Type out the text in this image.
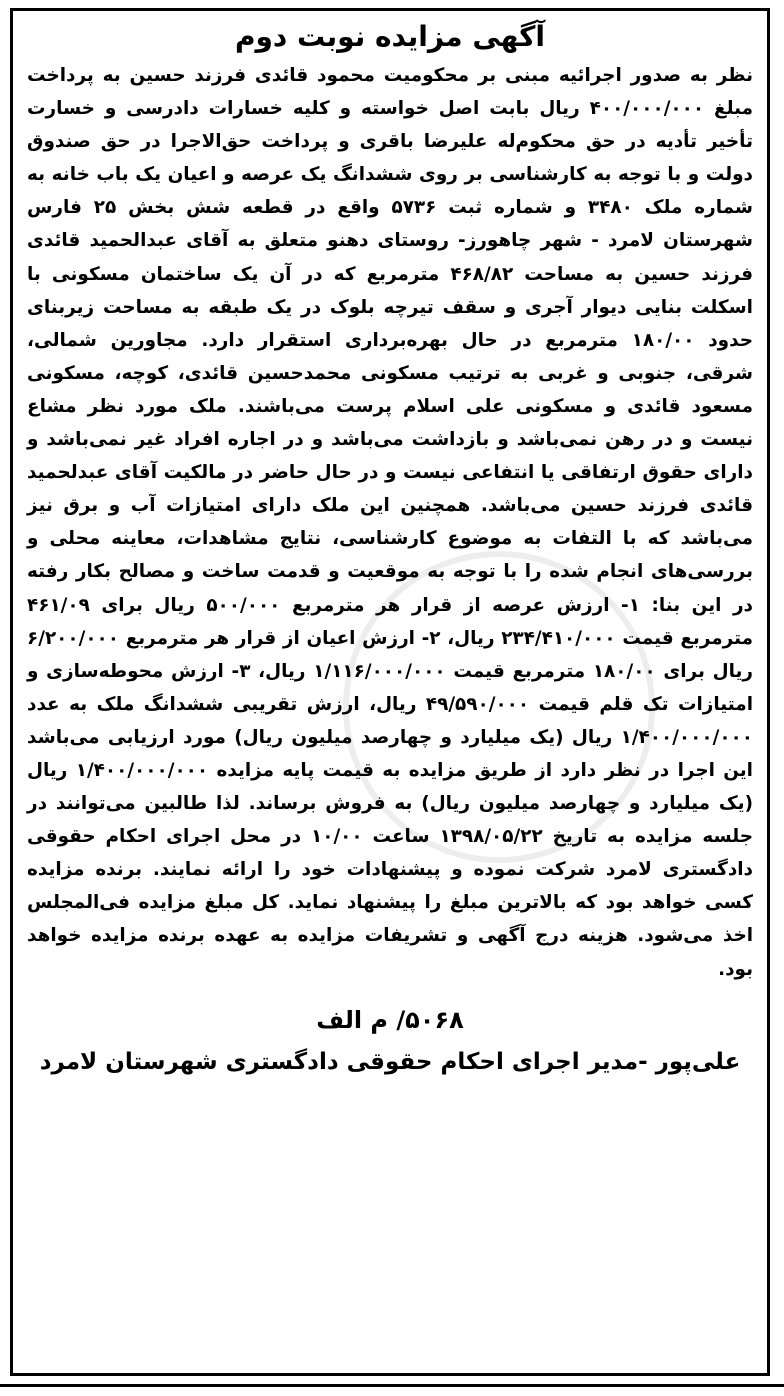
آگهی مزایده نوبت دوم
نظر به صدور اجرائیه مبنی بر محکومیت محمود قائدی فرزند حسین به پرداخت مبلغ ۴۰۰/۰۰۰/۰۰۰ ریال بابت اصل خواسته و کلیه خسارات دادرسی و خسارت تأخیر تأدیه در حق محکوم‌له علیرضا باقری و پرداخت حق‌الاجرا در حق صندوق دولت و با توجه به کارشناسی بر روی ششدانگ یک عرصه و اعیان یک باب خانه به شماره ملک ۳۴۸۰ و شماره ثبت ۵۷۳۶ واقع در قطعه شش بخش ۲۵ فارس شهرستان لامرد - شهر چاهورز- روستای دهنو متعلق به آقای عبدالحمید قائدی فرزند حسین به مساحت ۴۶۸/۸۲ مترمربع که در آن یک ساختمان مسکونی با اسکلت بنایی دیوار آجری و سقف تیرچه بلوک در یک طبقه به مساحت زیربنای حدود ۱۸۰/۰۰ مترمربع در حال بهره‌برداری استقرار دارد. مجاورین شمالی، شرقی، جنوبی و غربی به ترتیب مسکونی محمدحسین قائدی، کوچه، مسکونی مسعود قائدی و مسکونی علی اسلام پرست می‌باشند. ملک مورد نظر مشاع نیست و در رهن نمی‌باشد و بازداشت می‌باشد و در اجاره افراد غیر نمی‌باشد و دارای حقوق ارتفاقی یا انتفاعی نیست و در حال حاضر در مالکیت آقای عبدلحمید قائدی فرزند حسین می‌باشد. همچنین این ملک دارای امتیازات آب و برق نیز می‌باشد که با التفات به موضوع کارشناسی، نتایج مشاهدات، معاینه محلی و بررسی‌های انجام شده را با توجه به موقعیت و قدمت ساخت و مصالح بکار رفته در این بنا: ۱- ارزش عرصه از قرار هر مترمربع ۵۰۰/۰۰۰ ریال برای ۴۶۱/۰۹ مترمربع قیمت ۲۳۴/۴۱۰/۰۰۰ ریال، ۲- ارزش اعیان از قرار هر مترمربع ۶/۲۰۰/۰۰۰ ریال برای ۱۸۰/۰۰ مترمربع قیمت ۱/۱۱۶/۰۰۰/۰۰۰ ریال، ۳- ارزش محوطه‌سازی و امتیازات تک قلم قیمت ۴۹/۵۹۰/۰۰۰ ریال، ارزش تقریبی ششدانگ ملک به عدد ۱/۴۰۰/۰۰۰/۰۰۰ ریال (یک میلیارد و چهارصد میلیون ریال) مورد ارزیابی می‌باشد این اجرا در نظر دارد از طریق مزایده به قیمت پایه مزایده ۱/۴۰۰/۰۰۰/۰۰۰ ریال (یک میلیارد و چهارصد میلیون ریال) به فروش برساند. لذا طالبین می‌توانند در جلسه مزایده به تاریخ ۱۳۹۸/۰۵/۲۲ ساعت ۱۰/۰۰ در محل اجرای احکام حقوقی دادگستری لامرد شرکت نموده و پیشنهادات خود را ارائه نمایند. برنده مزایده کسی خواهد بود که بالاترین مبلغ را پیشنهاد نماید. کل مبلغ مزایده فی‌المجلس اخذ می‌شود. هزینه درج آگهی و تشریفات مزایده به عهده برنده مزایده خواهد بود.
۵۰۶۸/ م الف
علی‌پور -مدیر اجرای احکام حقوقی دادگستری شهرستان لامرد
